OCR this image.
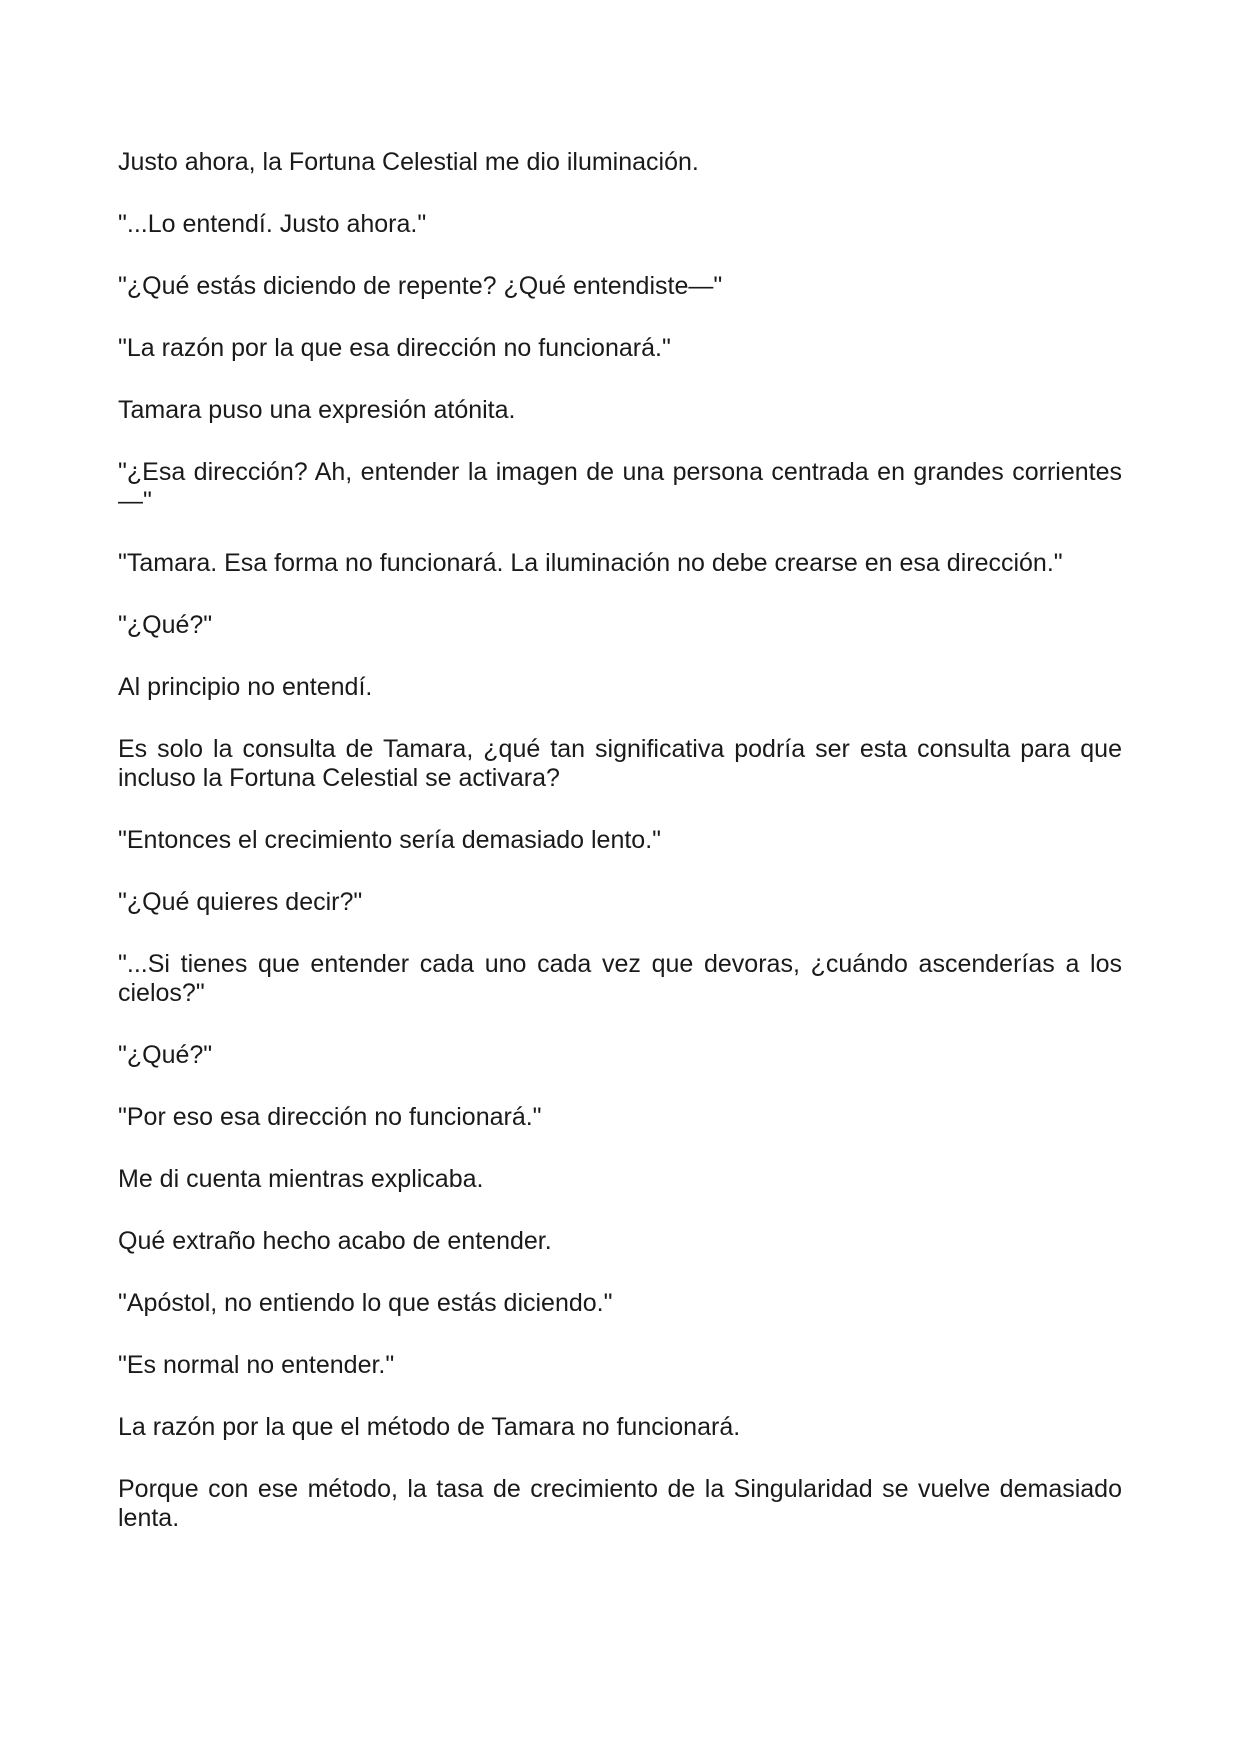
Justo ahora, la Fortuna Celestial me dio iluminación.

"...Lo entendí. Justo ahora."

"¿Qué estás diciendo de repente? ¿Qué entendiste—"

"La razón por la que esa dirección no funcionará."

Tamara puso una expresión atónita.

"¿Esa dirección? Ah, entender la imagen de una persona centrada en grandes corrientes—"

"Tamara. Esa forma no funcionará. La iluminación no debe crearse en esa dirección."

"¿Qué?"

Al principio no entendí.

Es solo la consulta de Tamara, ¿qué tan significativa podría ser esta consulta para que incluso la Fortuna Celestial se activara?

"Entonces el crecimiento sería demasiado lento."

"¿Qué quieres decir?"

"...Si tienes que entender cada uno cada vez que devoras, ¿cuándo ascenderías a los cielos?"

"¿Qué?"

"Por eso esa dirección no funcionará."

Me di cuenta mientras explicaba.

Qué extraño hecho acabo de entender.

"Apóstol, no entiendo lo que estás diciendo."

"Es normal no entender."

La razón por la que el método de Tamara no funcionará.

Porque con ese método, la tasa de crecimiento de la Singularidad se vuelve demasiado lenta.
